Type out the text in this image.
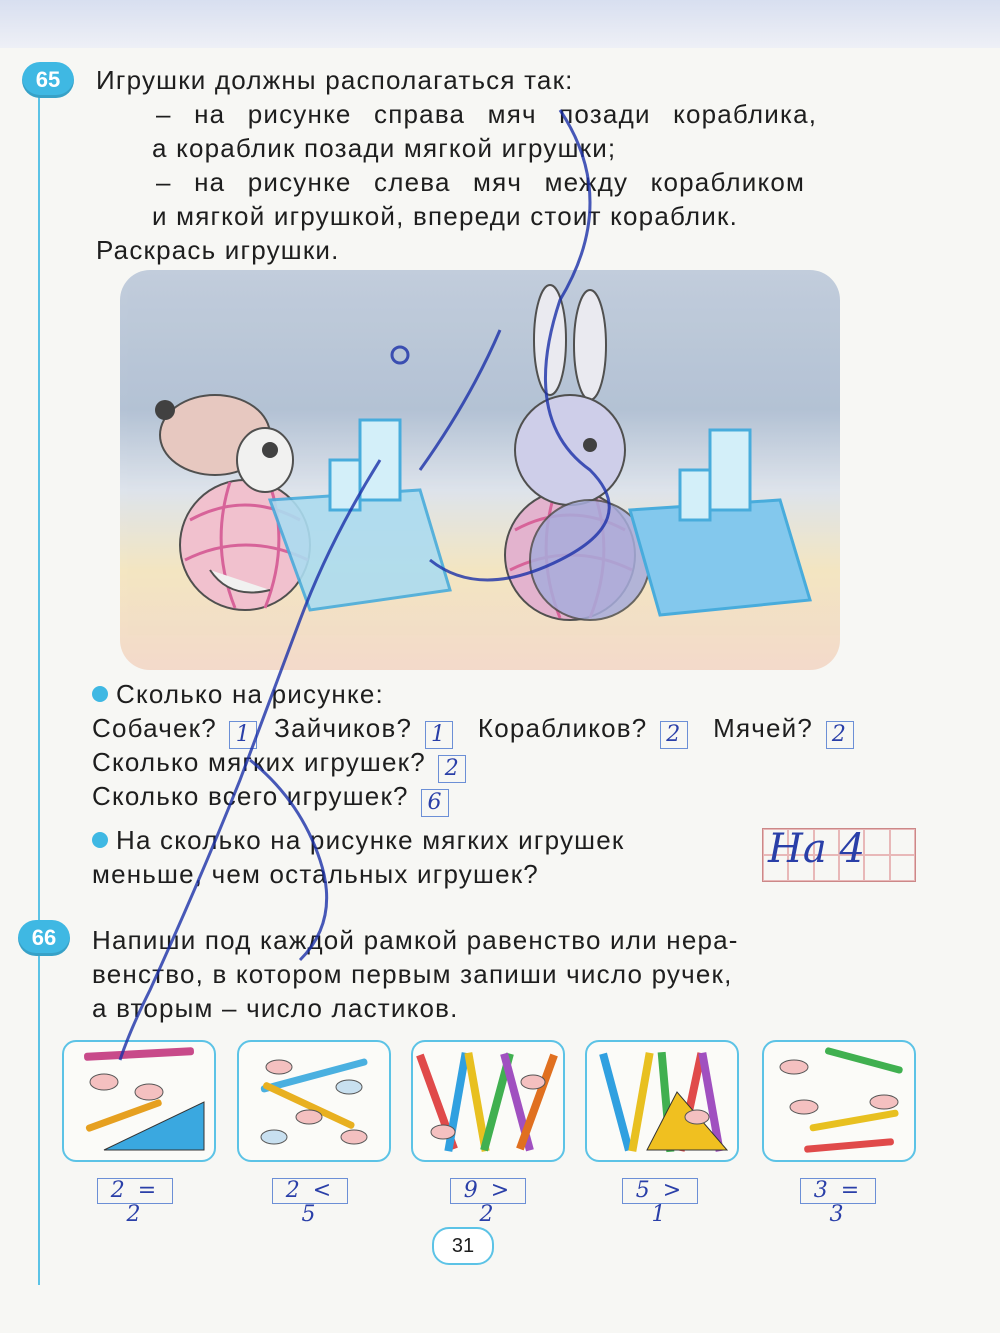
65 Игрушки должны располагаться так:
– на рисунке справа мяч позади кораблика,
а кораблик позади мягкой игрушки;
– на рисунке слева мяч между корабликом
и мягкой игрушкой, впереди стоит кораблик.
Раскрась игрушки.
Сколько на рисунке:
Собачек? 1 Зайчиков? 1 Корабликов? 2 Мячей? 2
Сколько мягких игрушек? 2
Сколько всего игрушек? 6
На сколько на рисунке мягких игрушек
меньше, чем остальных игрушек?
На 4
66 Напиши под каждой рамкой равенство или нера-
венство, в котором первым запиши число ручек,
а вторым – число ластиков.
2 = 2
2 < 5
9 > 2
5 > 1
3 = 3
31
